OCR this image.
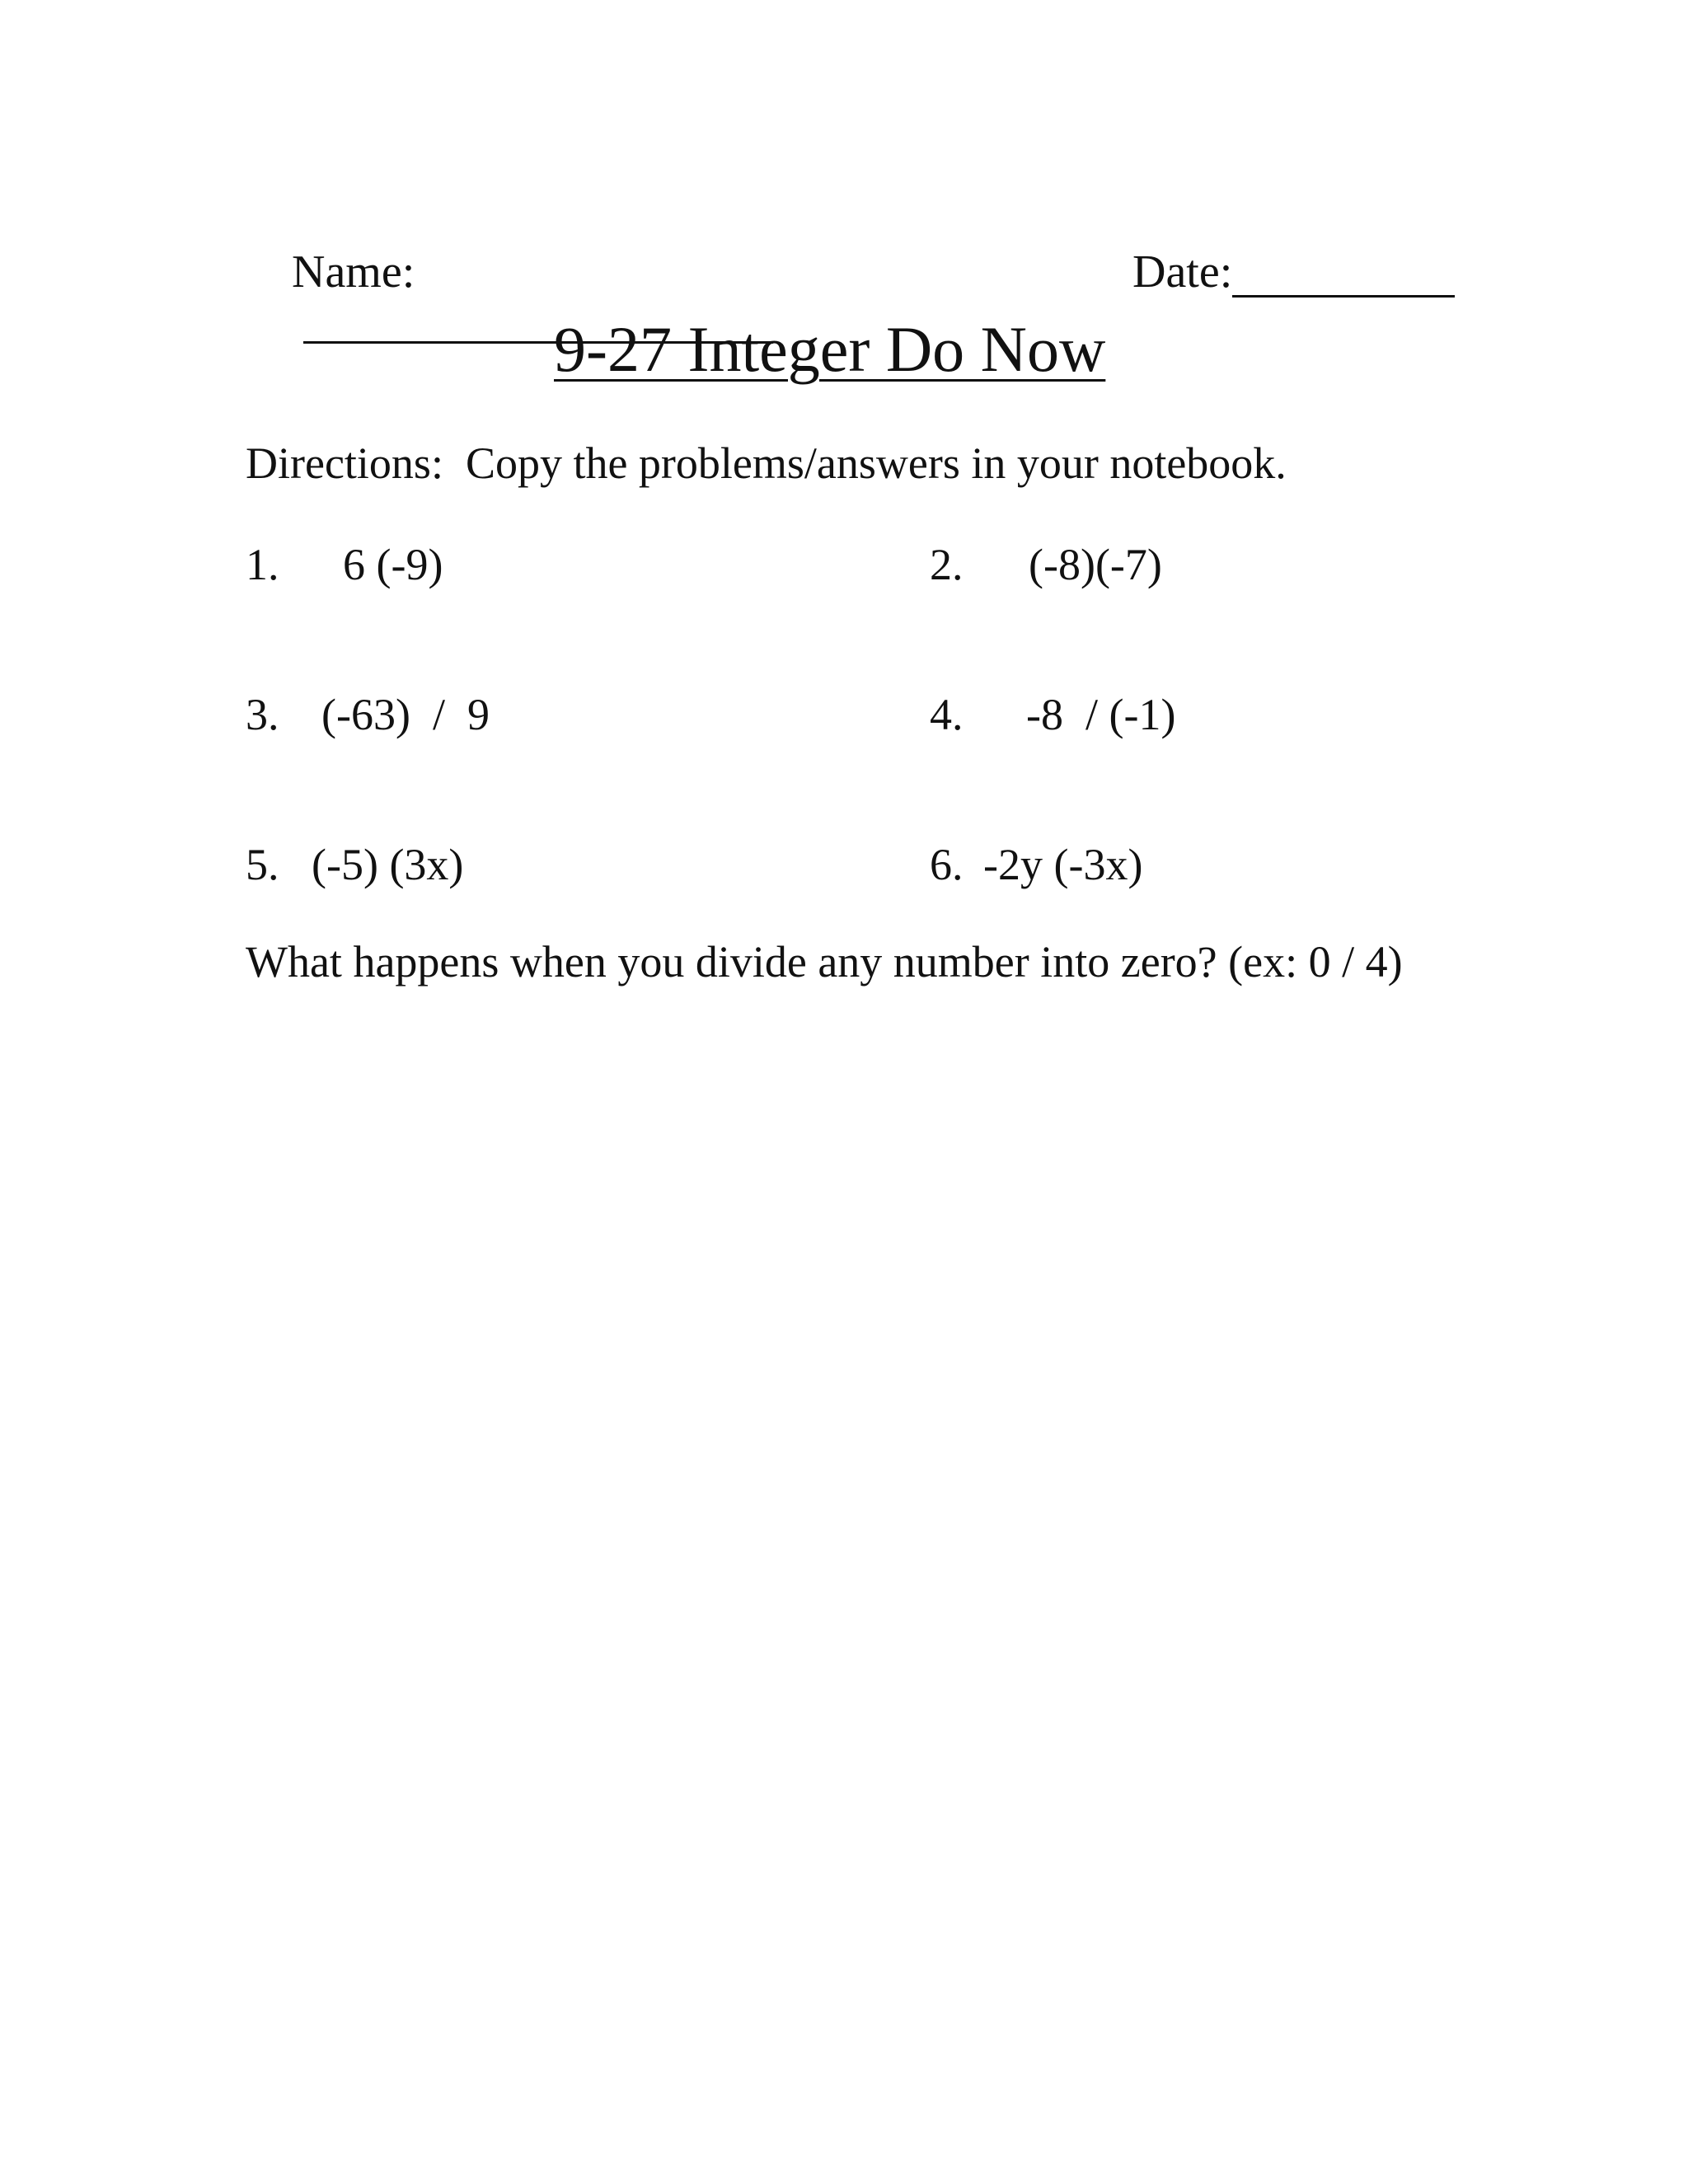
Name:

	Date:

9-27 Integer Do Now
Directions:  Copy the problems/answers in your notebook.
1. 6 (-9)	2. (-8)(-7)
3. (-63)  /  9	4. -8  / (-1)
5. (-5) (3x)	6. -2y (-3x)
What happens when you divide any number into zero? (ex: 0 / 4)
